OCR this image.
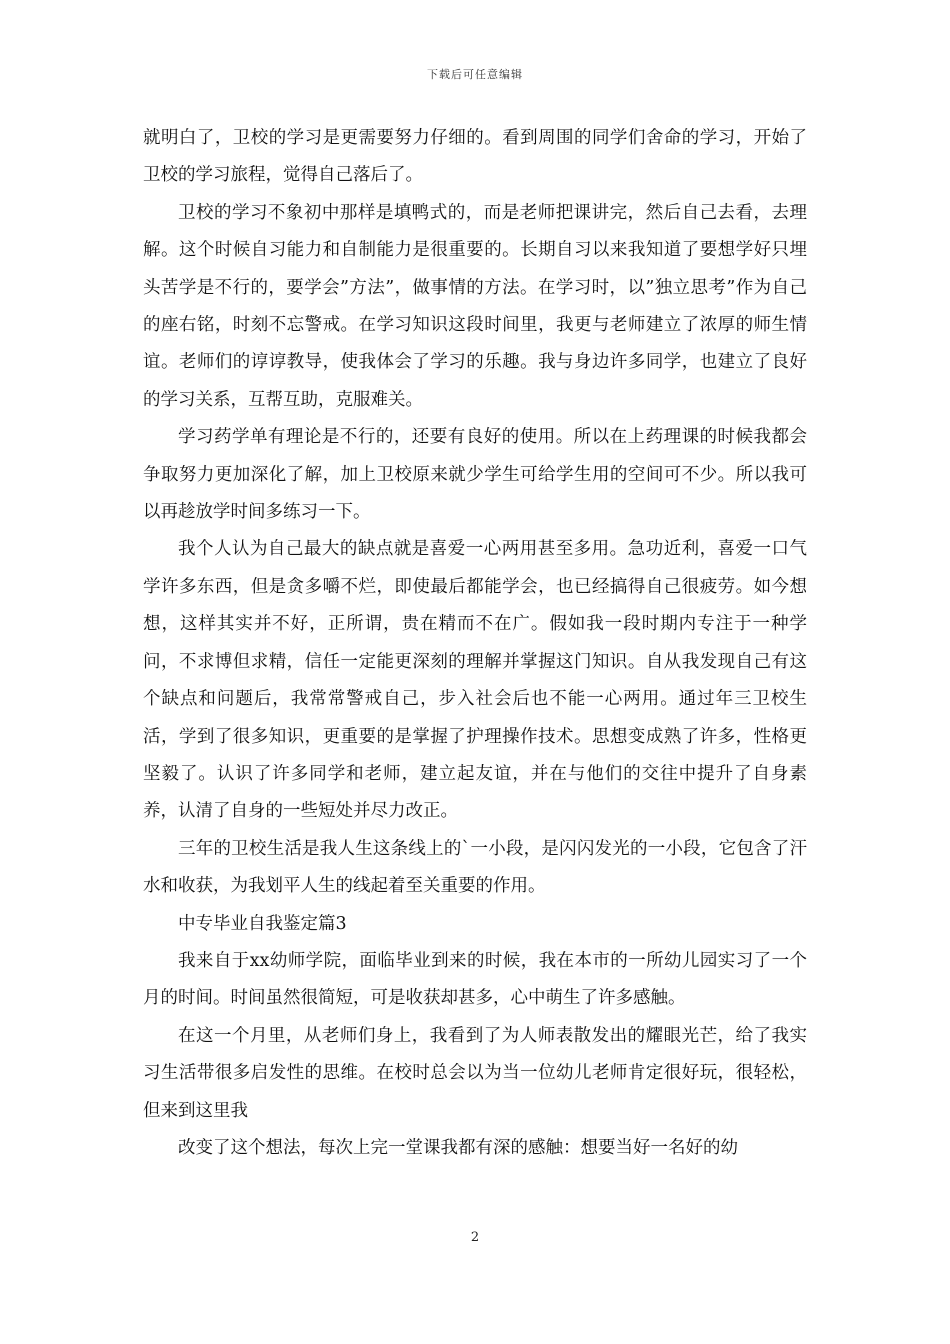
下载后可任意编辑

就明白了，卫校的学习是更需要努力仔细的。看到周围的同学们舍命的学习，开始了卫校的学习旅程，觉得自己落后了。

卫校的学习不象初中那样是填鸭式的，而是老师把课讲完，然后自己去看，去理解。这个时候自习能力和自制能力是很重要的。长期自习以来我知道了要想学好只埋头苦学是不行的，要学会”方法”，做事情的方法。在学习时，以”独立思考”作为自己的座右铭，时刻不忘警戒。在学习知识这段时间里，我更与老师建立了浓厚的师生情谊。老师们的谆谆教导，使我体会了学习的乐趣。我与身边许多同学，也建立了良好的学习关系，互帮互助，克服难关。

学习药学单有理论是不行的，还要有良好的使用。所以在上药理课的时候我都会争取努力更加深化了解，加上卫校原来就少学生可给学生用的空间可不少。所以我可以再趁放学时间多练习一下。

我个人认为自己最大的缺点就是喜爱一心两用甚至多用。急功近利，喜爱一口气学许多东西，但是贪多嚼不烂，即使最后都能学会，也已经搞得自己很疲劳。如今想想，这样其实并不好，正所谓，贵在精而不在广。假如我一段时期内专注于一种学问，不求博但求精，信任一定能更深刻的理解并掌握这门知识。自从我发现自己有这个缺点和问题后，我常常警戒自己，步入社会后也不能一心两用。通过年三卫校生活，学到了很多知识，更重要的是掌握了护理操作技术。思想变成熟了许多，性格更坚毅了。认识了许多同学和老师，建立起友谊，并在与他们的交往中提升了自身素养，认清了自身的一些短处并尽力改正。

三年的卫校生活是我人生这条线上的`一小段，是闪闪发光的一小段，它包含了汗水和收获，为我划平人生的线起着至关重要的作用。

中专毕业自我鉴定篇3

我来自于xx幼师学院，面临毕业到来的时候，我在本市的一所幼儿园实习了一个月的时间。时间虽然很简短，可是收获却甚多，心中萌生了许多感触。

在这一个月里，从老师们身上，我看到了为人师表散发出的耀眼光芒，给了我实习生活带很多启发性的思维。在校时总会以为当一位幼儿老师肯定很好玩，很轻松，但来到这里我

改变了这个想法，每次上完一堂课我都有深的感触：想要当好一名好的幼

2
